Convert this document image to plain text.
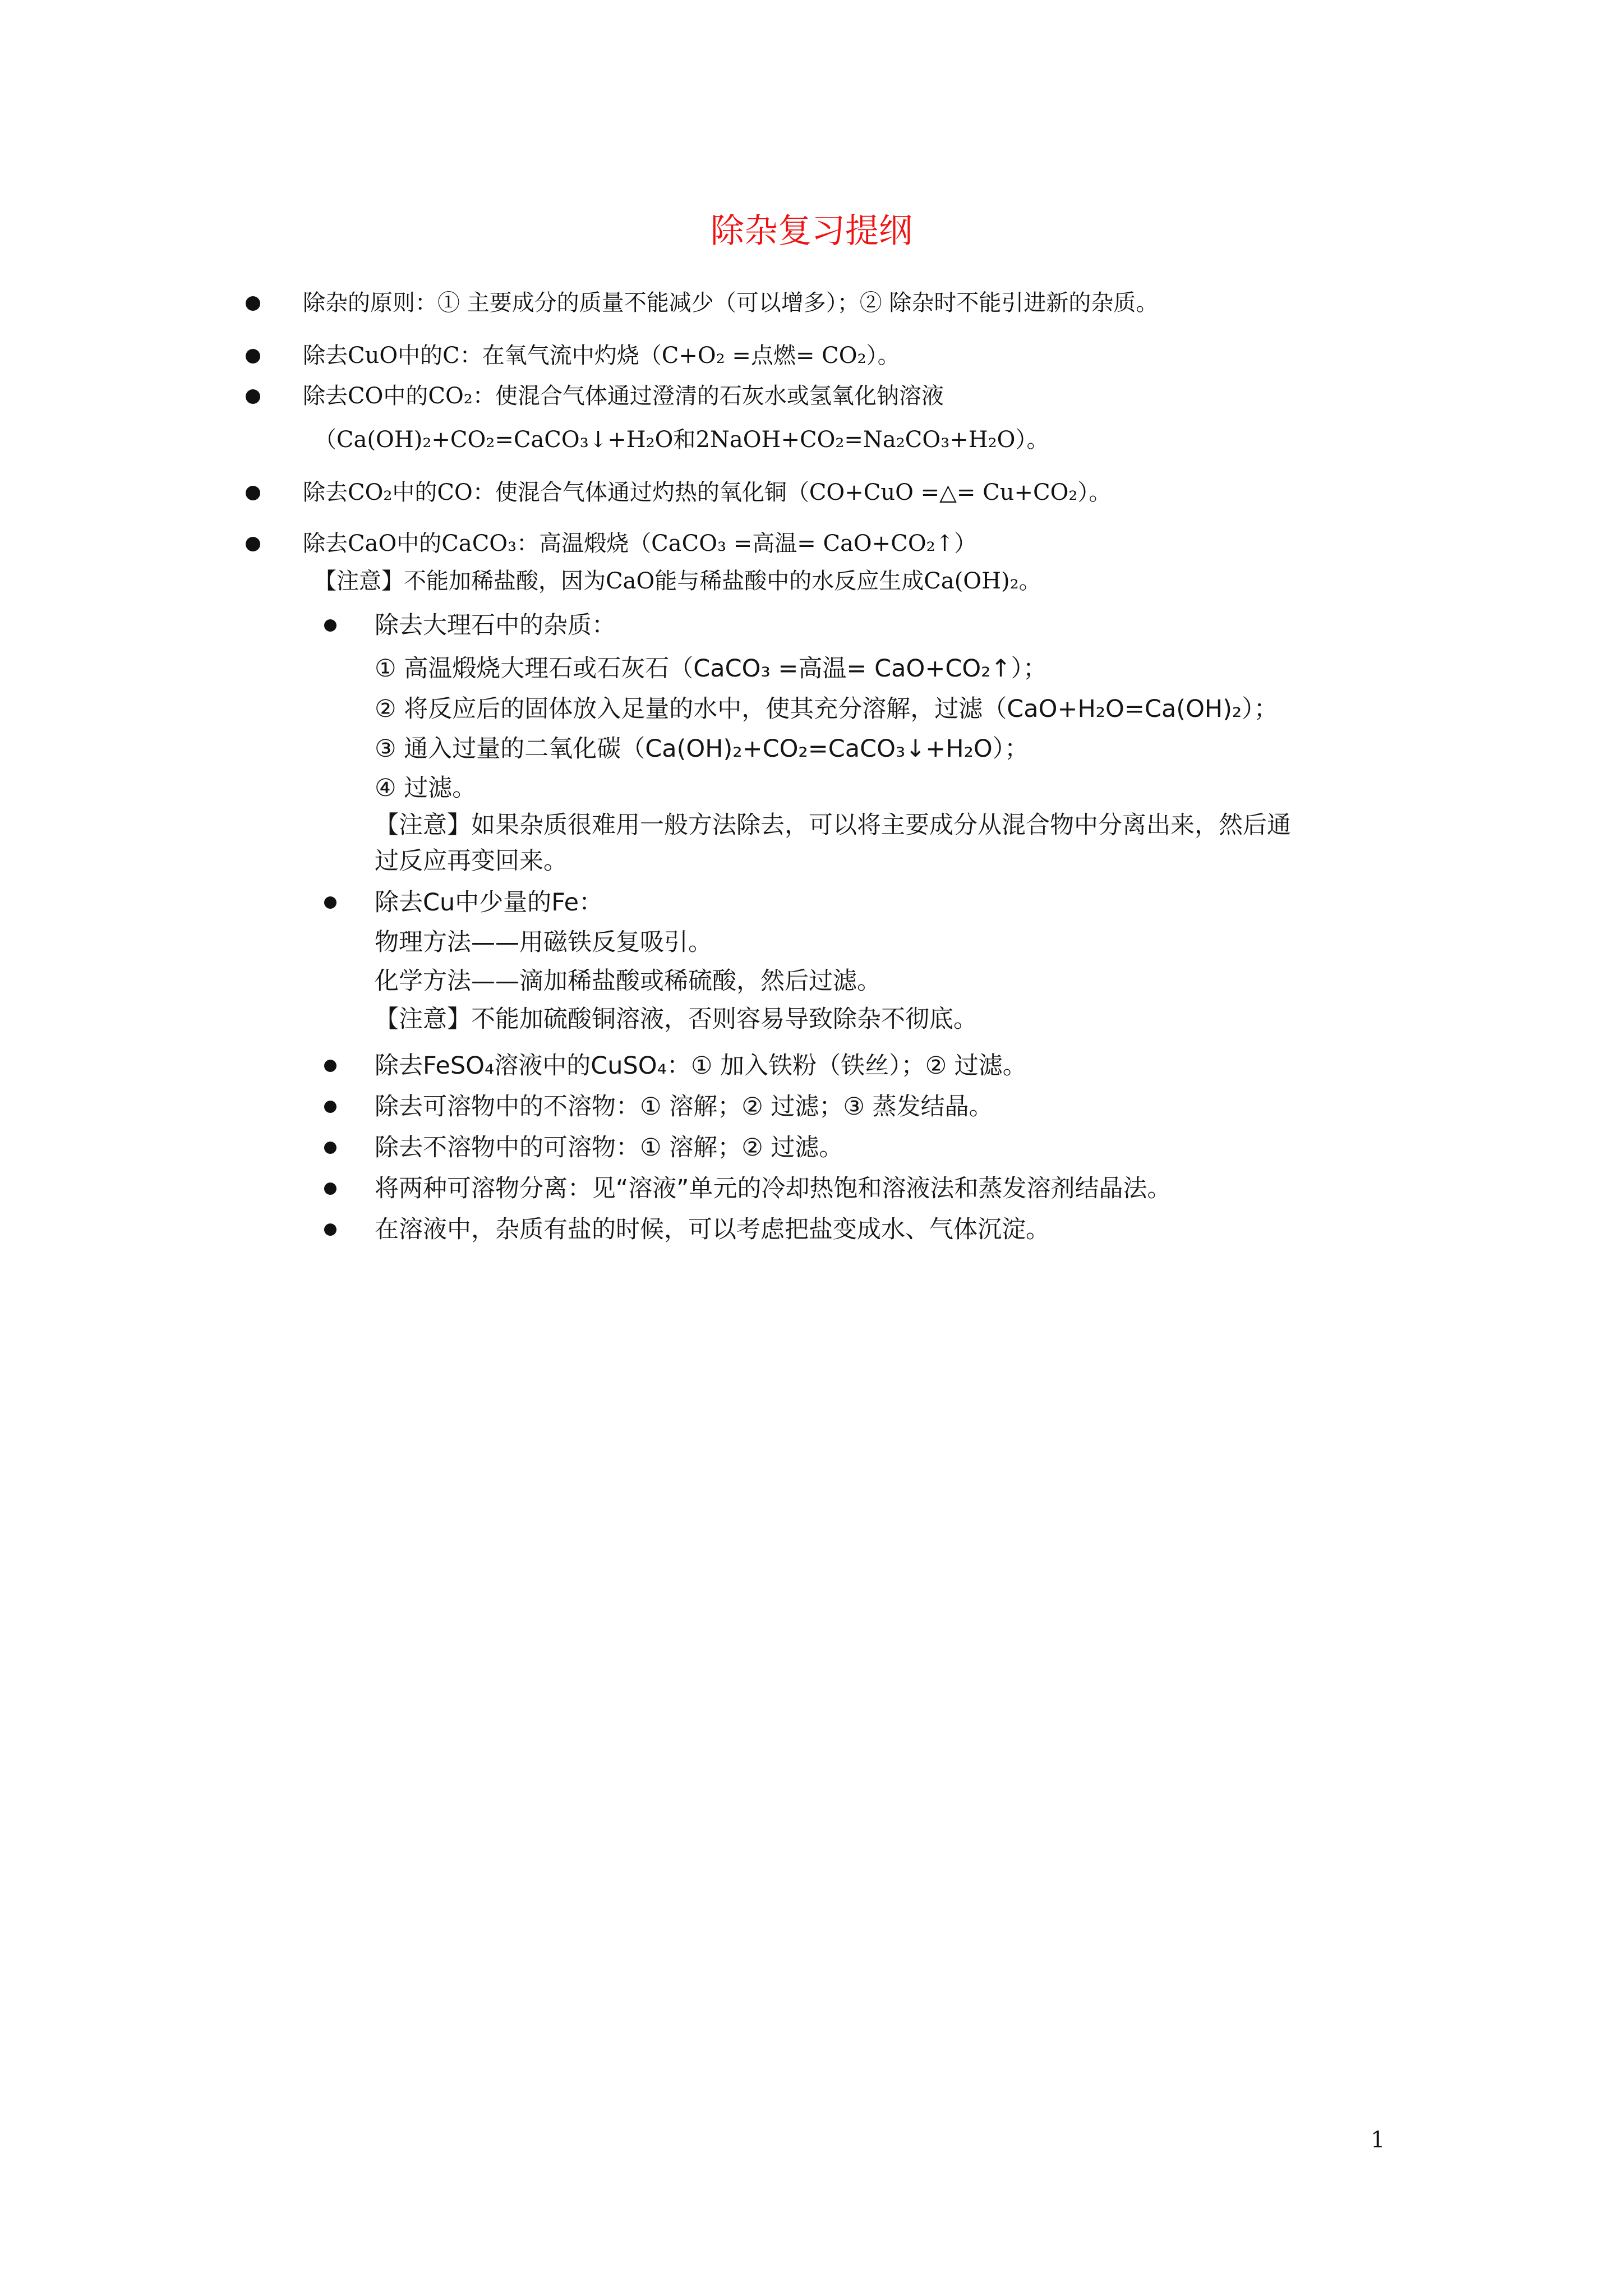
除杂复习提纲
除杂的原则：① 主要成分的质量不能减少（可以增多）；② 除杂时不能引进新的杂质。
除去CuO中的C：在氧气流中灼烧（C+O₂ =点燃= CO₂）。
除去CO中的CO₂：使混合气体通过澄清的石灰水或氢氧化钠溶液
（Ca(OH)₂+CO₂=CaCO₃↓+H₂O和2NaOH+CO₂=Na₂CO₃+H₂O）。
除去CO₂中的CO：使混合气体通过灼热的氧化铜（CO+CuO =△= Cu+CO₂）。
除去CaO中的CaCO₃：高温煅烧（CaCO₃ =高温= CaO+CO₂↑）
【注意】不能加稀盐酸，因为CaO能与稀盐酸中的水反应生成Ca(OH)₂。
除去大理石中的杂质：
① 高温煅烧大理石或石灰石（CaCO₃ =高温= CaO+CO₂↑）；
② 将反应后的固体放入足量的水中，使其充分溶解，过滤（CaO+H₂O=Ca(OH)₂）；
③ 通入过量的二氧化碳（Ca(OH)₂+CO₂=CaCO₃↓+H₂O）；
④ 过滤。
【注意】如果杂质很难用一般方法除去，可以将主要成分从混合物中分离出来，然后通
过反应再变回来。
除去Cu中少量的Fe：
物理方法——用磁铁反复吸引。
化学方法——滴加稀盐酸或稀硫酸，然后过滤。
【注意】不能加硫酸铜溶液，否则容易导致除杂不彻底。
除去FeSO₄溶液中的CuSO₄：① 加入铁粉（铁丝）；② 过滤。
除去可溶物中的不溶物：① 溶解；② 过滤；③ 蒸发结晶。
除去不溶物中的可溶物：① 溶解；② 过滤。
将两种可溶物分离：见“溶液”单元的冷却热饱和溶液法和蒸发溶剂结晶法。
在溶液中，杂质有盐的时候，可以考虑把盐变成水、气体沉淀。
1
